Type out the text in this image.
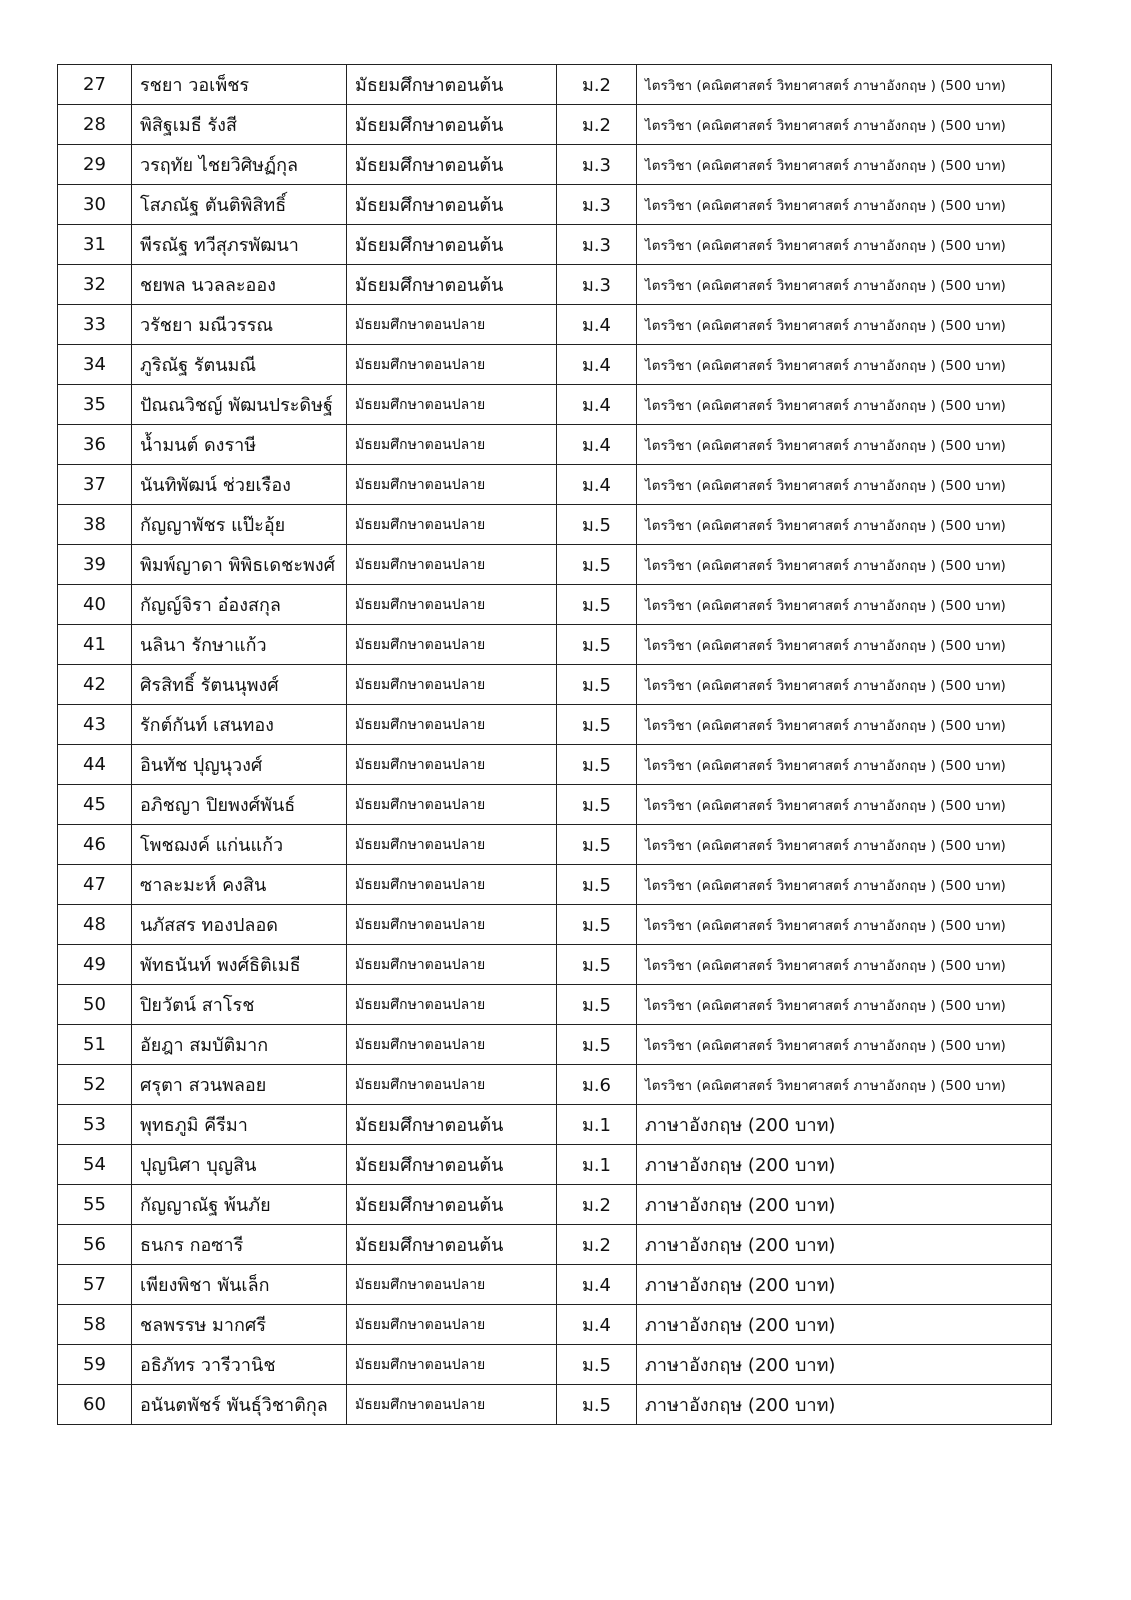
27	รชยา วอเพ็ชร	มัธยมศึกษาตอนต้น	ม.2	ไตรวิชา (คณิตศาสตร์ วิทยาศาสตร์ ภาษาอังกฤษ ) (500 บาท)
28	พิสิฐเมธี รังสี	มัธยมศึกษาตอนต้น	ม.2	ไตรวิชา (คณิตศาสตร์ วิทยาศาสตร์ ภาษาอังกฤษ ) (500 บาท)
29	วรฤทัย ไชยวิศิษฏ์กุล	มัธยมศึกษาตอนต้น	ม.3	ไตรวิชา (คณิตศาสตร์ วิทยาศาสตร์ ภาษาอังกฤษ ) (500 บาท)
30	โสภณัฐ ตันติพิสิทธิ์	มัธยมศึกษาตอนต้น	ม.3	ไตรวิชา (คณิตศาสตร์ วิทยาศาสตร์ ภาษาอังกฤษ ) (500 บาท)
31	พีรณัฐ ทวีสุภรพัฒนา	มัธยมศึกษาตอนต้น	ม.3	ไตรวิชา (คณิตศาสตร์ วิทยาศาสตร์ ภาษาอังกฤษ ) (500 บาท)
32	ชยพล นวลละออง	มัธยมศึกษาตอนต้น	ม.3	ไตรวิชา (คณิตศาสตร์ วิทยาศาสตร์ ภาษาอังกฤษ ) (500 บาท)
33	วรัชยา มณีวรรณ	มัธยมศึกษาตอนปลาย	ม.4	ไตรวิชา (คณิตศาสตร์ วิทยาศาสตร์ ภาษาอังกฤษ ) (500 บาท)
34	ภูริณัฐ รัตนมณี	มัธยมศึกษาตอนปลาย	ม.4	ไตรวิชา (คณิตศาสตร์ วิทยาศาสตร์ ภาษาอังกฤษ ) (500 บาท)
35	ปัณณวิชญ์ พัฒนประดิษฐ์	มัธยมศึกษาตอนปลาย	ม.4	ไตรวิชา (คณิตศาสตร์ วิทยาศาสตร์ ภาษาอังกฤษ ) (500 บาท)
36	น้ำมนต์ ดงราษี	มัธยมศึกษาตอนปลาย	ม.4	ไตรวิชา (คณิตศาสตร์ วิทยาศาสตร์ ภาษาอังกฤษ ) (500 บาท)
37	นันทิพัฒน์ ช่วยเรือง	มัธยมศึกษาตอนปลาย	ม.4	ไตรวิชา (คณิตศาสตร์ วิทยาศาสตร์ ภาษาอังกฤษ ) (500 บาท)
38	กัญญาพัชร แป๊ะอุ้ย	มัธยมศึกษาตอนปลาย	ม.5	ไตรวิชา (คณิตศาสตร์ วิทยาศาสตร์ ภาษาอังกฤษ ) (500 บาท)
39	พิมพ์ญาดา พิพิธเดชะพงศ์	มัธยมศึกษาตอนปลาย	ม.5	ไตรวิชา (คณิตศาสตร์ วิทยาศาสตร์ ภาษาอังกฤษ ) (500 บาท)
40	กัญญ์จิรา อ๋องสกุล	มัธยมศึกษาตอนปลาย	ม.5	ไตรวิชา (คณิตศาสตร์ วิทยาศาสตร์ ภาษาอังกฤษ ) (500 บาท)
41	นลินา รักษาแก้ว	มัธยมศึกษาตอนปลาย	ม.5	ไตรวิชา (คณิตศาสตร์ วิทยาศาสตร์ ภาษาอังกฤษ ) (500 บาท)
42	ศิรสิทธิ์ รัตนนุพงศ์	มัธยมศึกษาตอนปลาย	ม.5	ไตรวิชา (คณิตศาสตร์ วิทยาศาสตร์ ภาษาอังกฤษ ) (500 บาท)
43	รักต์กันท์ เสนทอง	มัธยมศึกษาตอนปลาย	ม.5	ไตรวิชา (คณิตศาสตร์ วิทยาศาสตร์ ภาษาอังกฤษ ) (500 บาท)
44	อินทัช ปุญนุวงศ์	มัธยมศึกษาตอนปลาย	ม.5	ไตรวิชา (คณิตศาสตร์ วิทยาศาสตร์ ภาษาอังกฤษ ) (500 บาท)
45	อภิชญา ปิยพงศ์พันธ์	มัธยมศึกษาตอนปลาย	ม.5	ไตรวิชา (คณิตศาสตร์ วิทยาศาสตร์ ภาษาอังกฤษ ) (500 บาท)
46	โพชฌงค์ แก่นแก้ว	มัธยมศึกษาตอนปลาย	ม.5	ไตรวิชา (คณิตศาสตร์ วิทยาศาสตร์ ภาษาอังกฤษ ) (500 บาท)
47	ซาละมะห์ คงสิน	มัธยมศึกษาตอนปลาย	ม.5	ไตรวิชา (คณิตศาสตร์ วิทยาศาสตร์ ภาษาอังกฤษ ) (500 บาท)
48	นภัสสร ทองปลอด	มัธยมศึกษาตอนปลาย	ม.5	ไตรวิชา (คณิตศาสตร์ วิทยาศาสตร์ ภาษาอังกฤษ ) (500 บาท)
49	พัทธนันท์ พงศ์ธิติเมธี	มัธยมศึกษาตอนปลาย	ม.5	ไตรวิชา (คณิตศาสตร์ วิทยาศาสตร์ ภาษาอังกฤษ ) (500 บาท)
50	ปิยวัตน์ สาโรช	มัธยมศึกษาตอนปลาย	ม.5	ไตรวิชา (คณิตศาสตร์ วิทยาศาสตร์ ภาษาอังกฤษ ) (500 บาท)
51	อัยฎา สมบัติมาก	มัธยมศึกษาตอนปลาย	ม.5	ไตรวิชา (คณิตศาสตร์ วิทยาศาสตร์ ภาษาอังกฤษ ) (500 บาท)
52	ศรุตา สวนพลอย	มัธยมศึกษาตอนปลาย	ม.6	ไตรวิชา (คณิตศาสตร์ วิทยาศาสตร์ ภาษาอังกฤษ ) (500 บาท)
53	พุทธภูมิ คีรีมา	มัธยมศึกษาตอนต้น	ม.1	ภาษาอังกฤษ (200 บาท)
54	ปุญนิศา บุญสิน	มัธยมศึกษาตอนต้น	ม.1	ภาษาอังกฤษ (200 บาท)
55	กัญญาณัฐ พ้นภัย	มัธยมศึกษาตอนต้น	ม.2	ภาษาอังกฤษ (200 บาท)
56	ธนกร กอซารี	มัธยมศึกษาตอนต้น	ม.2	ภาษาอังกฤษ (200 บาท)
57	เพียงพิชา พันเล็ก	มัธยมศึกษาตอนปลาย	ม.4	ภาษาอังกฤษ (200 บาท)
58	ชลพรรษ มากศรี	มัธยมศึกษาตอนปลาย	ม.4	ภาษาอังกฤษ (200 บาท)
59	อธิภัทร วารีวานิช	มัธยมศึกษาตอนปลาย	ม.5	ภาษาอังกฤษ (200 บาท)
60	อนันตพัชร์ พันธุ์วิชาติกุล	มัธยมศึกษาตอนปลาย	ม.5	ภาษาอังกฤษ (200 บาท)
